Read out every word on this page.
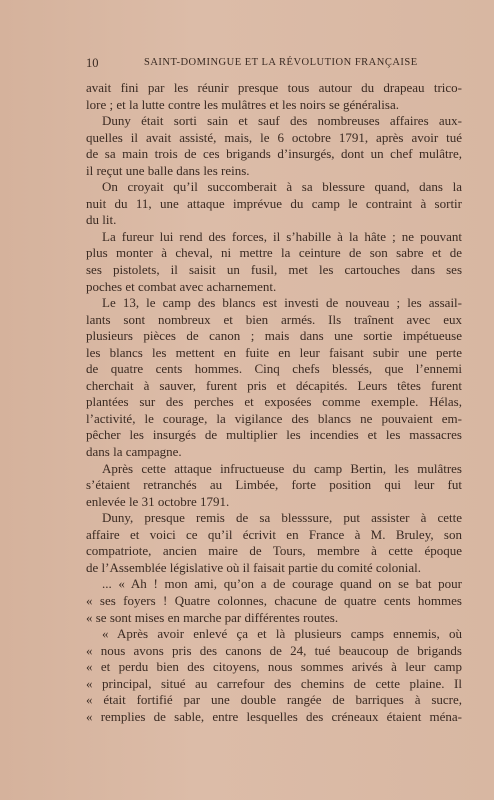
10	SAINT-DOMINGUE ET LA RÉVOLUTION FRANÇAISE
avait fini par les réunir presque tous autour du drapeau trico-
lore ; et la lutte contre les mulâtres et les noirs se généralisa.
Duny était sorti sain et sauf des nombreuses affaires aux-
quelles il avait assisté, mais, le 6 octobre 1791, après avoir tué
de sa main trois de ces brigands d’insurgés, dont un chef mulâtre,
il reçut une balle dans les reins.
On croyait qu’il succomberait à sa blessure quand, dans la
nuit du 11, une attaque imprévue du camp le contraint à sortir
du lit.
La fureur lui rend des forces, il s’habille à la hâte ; ne pouvant
plus monter à cheval, ni mettre la ceinture de son sabre et de
ses pistolets, il saisit un fusil, met les cartouches dans ses
poches et combat avec acharnement.
Le 13, le camp des blancs est investi de nouveau ; les assail-
lants sont nombreux et bien armés. Ils traînent avec eux
plusieurs pièces de canon ; mais dans une sortie impétueuse
les blancs les mettent en fuite en leur faisant subir une perte
de quatre cents hommes. Cinq chefs blessés, que l’ennemi
cherchait à sauver, furent pris et décapités. Leurs têtes furent
plantées sur des perches et exposées comme exemple. Hélas,
l’activité, le courage, la vigilance des blancs ne pouvaient em-
pêcher les insurgés de multiplier les incendies et les massacres
dans la campagne.
Après cette attaque infructueuse du camp Bertin, les mulâtres
s’étaient retranchés au Limbée, forte position qui leur fut
enlevée le 31 octobre 1791.
Duny, presque remis de sa blesssure, put assister à cette
affaire et voici ce qu’il écrivit en France à M. Bruley, son
compatriote, ancien maire de Tours, membre à cette époque
de l’Assemblée législative où il faisait partie du comité colonial.
... « Ah ! mon ami, qu’on a de courage quand on se bat pour
« ses foyers ! Quatre colonnes, chacune de quatre cents hommes
« se sont mises en marche par différentes routes.
« Après avoir enlevé ça et là plusieurs camps ennemis, où
« nous avons pris des canons de 24, tué beaucoup de brigands
« et perdu bien des citoyens, nous sommes arivés à leur camp
« principal, situé au carrefour des chemins de cette plaine. Il
« était fortifié par une double rangée de barriques à sucre,
« remplies de sable, entre lesquelles des créneaux étaient ména-
